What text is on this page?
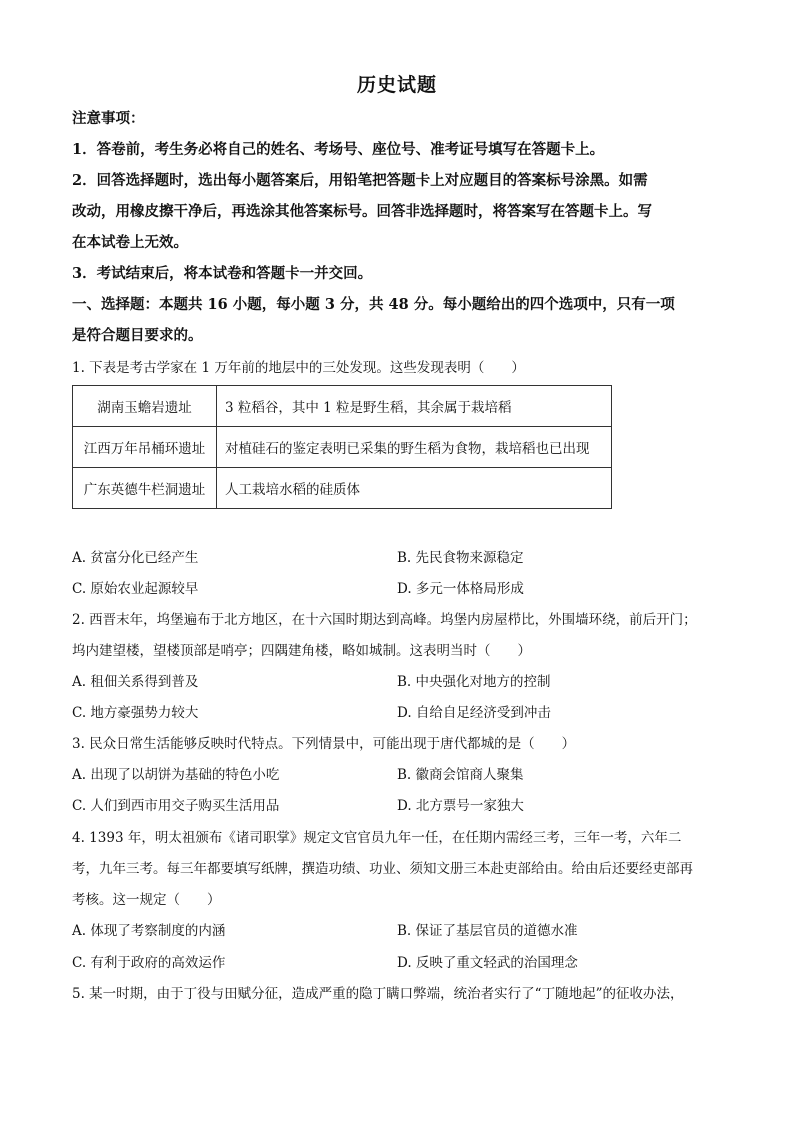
历史试题
注意事项：
1．答卷前，考生务必将自己的姓名、考场号、座位号、准考证号填写在答题卡上。
2．回答选择题时，选出每小题答案后，用铅笔把答题卡上对应题目的答案标号涂黑。如需
改动，用橡皮擦干净后，再选涂其他答案标号。回答非选择题时，将答案写在答题卡上。写
在本试卷上无效。
3．考试结束后，将本试卷和答题卡一并交回。
一、选择题：本题共 16 小题，每小题 3 分，共 48 分。每小题给出的四个选项中，只有一项
是符合题目要求的。
1. 下表是考古学家在 1 万年前的地层中的三处发现。这些发现表明（　　）
湖南玉蟾岩遗址	3 粒稻谷，其中 1 粒是野生稻，其余属于栽培稻
江西万年吊桶环遗址	对植硅石的鉴定表明已采集的野生稻为食物，栽培稻也已出现
广东英德牛栏洞遗址	人工栽培水稻的硅质体
A. 贫富分化已经产生	B. 先民食物来源稳定
C. 原始农业起源较早	D. 多元一体格局形成
2. 西晋末年，坞堡遍布于北方地区，在十六国时期达到高峰。坞堡内房屋栉比，外围墙环绕，前后开门；
坞内建望楼，望楼顶部是哨亭；四隅建角楼，略如城制。这表明当时（　　）
A. 租佃关系得到普及	B. 中央强化对地方的控制
C. 地方豪强势力较大	D. 自给自足经济受到冲击
3. 民众日常生活能够反映时代特点。下列情景中，可能出现于唐代都城的是（　　）
A. 出现了以胡饼为基础的特色小吃	B. 徽商会馆商人聚集
C. 人们到西市用交子购买生活用品	D. 北方票号一家独大
4. 1393 年，明太祖颁布《诸司职掌》规定文官官员九年一任，在任期内需经三考，三年一考，六年二
考，九年三考。每三年都要填写纸牌，撰造功绩、功业、须知文册三本赴吏部给由。给由后还要经吏部再
考核。这一规定（　　）
A. 体现了考察制度的内涵	B. 保证了基层官员的道德水准
C. 有利于政府的高效运作	D. 反映了重文轻武的治国理念
5. 某一时期，由于丁役与田赋分征，造成严重的隐丁瞒口弊端，统治者实行了“丁随地起”的征收办法，
